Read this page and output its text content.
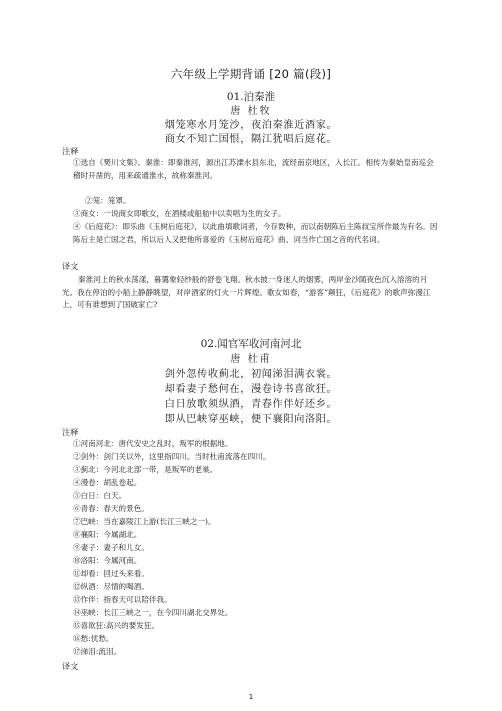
六年级上学期背诵 [20 篇(段)]
01.泊秦淮
唐 杜牧
烟笼寒水月笼沙，夜泊秦淮近酒家。
商女不知亡国恨，隔江犹唱后庭花。
注释
①选自《樊川文集》。秦淮：即秦淮河，源出江苏溧水县东北，流经南京地区，入长江。相传为秦始皇南巡会稽时开凿的，用来疏通淮水，故称秦淮河。
②笼：笼罩。
③商女：一说商女即歌女，在酒楼或船舫中以卖唱为生的女子。
④《后庭花》：即乐曲《玉树后庭花》，以此曲填歌词者，今存数种，而以南朝陈后主陈叔宝所作最为有名。因陈后主是亡国之君，所以后人又把他所喜爱的《玉树后庭花》曲、词当作亡国之音的代名词。
译文
秦淮河上的秋水荡漾，暮霭象轻纱般的舒卷飞翔。秋水披一身迷人的烟雾，两岸金沙随夜色沉入溶溶的月光。我在停泊的小船上静静眺望，对岸酒家的灯火一片辉煌。歌女如春，“游客”颠狂，《后庭花》的歌声弥漫江上，可有谁想到了国破家亡?
02.闻官军收河南河北
唐 杜甫
剑外忽传收蓟北，初闻涕泪满衣裳。
却看妻子愁何在，漫卷诗书喜欲狂。
白日放歌须纵酒，青春作伴好还乡。
即从巴峡穿巫峡，便下襄阳向洛阳。
注释
①河南河北：唐代安史之乱时，叛军的根据地。
②剑外：剑门关以外，这里指四川。当时杜甫流落在四川。
③蓟北：今河北北部一带，是叛军的老巢。
④漫卷：胡乱卷起。
⑤白日：白天。
⑥青春：春天的景色。
⑦巴峡：当在嘉陵江上游(长江三峡之一)。
⑧襄阳：今属湖北。
⑨妻子：妻子和儿女。
⑩洛阳：今属河南。
⑪却看：回过头来看。
⑫纵酒：尽情的喝酒。
⑬作伴：指春天可以陪伴我。
⑭巫峡：长江三峡之一，在今四川湖北交界处。
⑮喜欲狂:高兴的要发狂。
⑯愁:忧愁。
⑰涕泪:流泪。
译文
1
